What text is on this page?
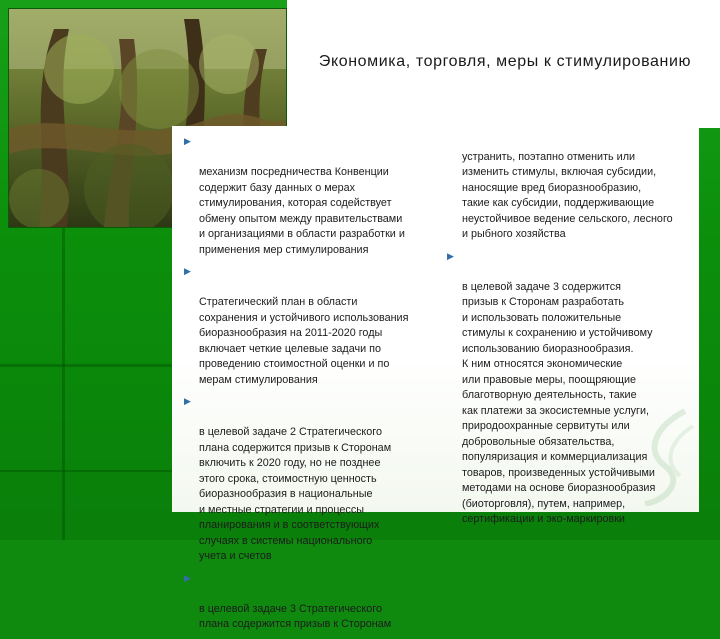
Экономика, торговля, меры к стимулированию

▶

механизм посредничества Конвенции
содержит базу данных о мерах
стимулирования, которая содействует
обмену опытом между правительствами
и организациями в области разработки и
применения мер стимулирования

▶

Стратегический план в области
сохранения и устойчивого использования
биоразнообразия на 2011-2020 годы
включает четкие целевые задачи по
проведению стоимостной оценки и по
мерам стимулирования

▶

в целевой задаче 2 Стратегического
плана содержится призыв к Сторонам
включить к 2020 году, но не позднее
этого срока, стоимостную ценность
биоразнообразия в национальные
и местные стратегии и процессы
планирования и в соответствующих
случаях в системы национального
учета и счетов

▶

в целевой задаче 3 Стратегического
плана содержится призыв к Сторонам

устранить, поэтапно отменить или
изменить стимулы, включая субсидии,
наносящие вред биоразнообразию,
такие как субсидии, поддерживающие
неустойчивое ведение сельского, лесного
и рыбного хозяйства

▶

в целевой задаче 3 содержится
призыв к Сторонам разработать
и использовать положительные
стимулы к сохранению и устойчивому
использованию биоразнообразия.
К ним относятся экономические
или правовые меры, поощряющие
благотворную деятельность, такие
как платежи за экосистемные услуги,
природоохранные сервитуты или
добровольные обязательства,
популяризация и коммерциализация
товаров, произведенных устойчивыми
методами на основе биоразнообразия
(биоторговля), путем, например,
сертификации и эко-маркировки
